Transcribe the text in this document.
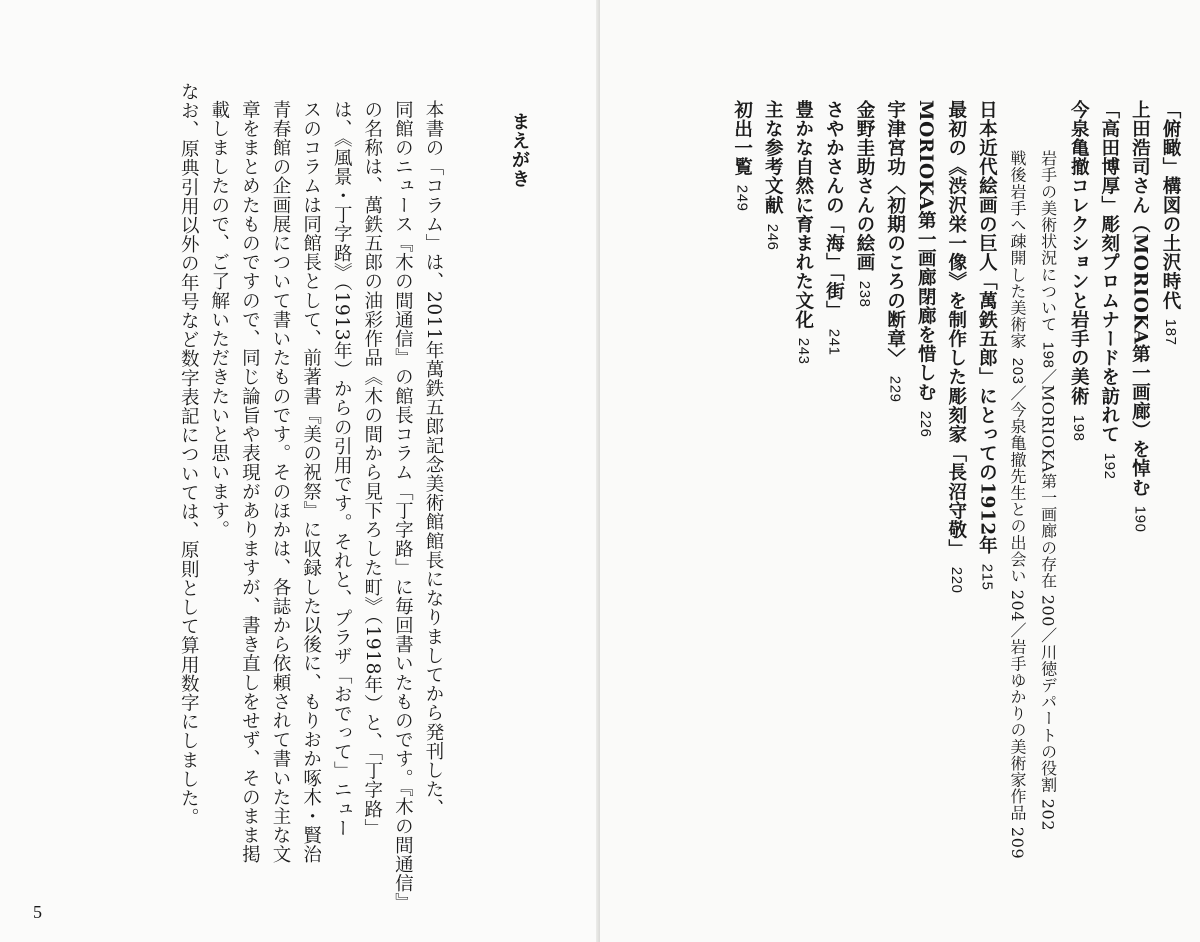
まえがき
本書の「コラム」は、2011年萬鉄五郎記念美術館館長になりましてから発刊した、
同館のニュース『木の間通信』の館長コラム「丁字路」に毎回書いたものです。『木の間通信』
の名称は、萬鉄五郎の油彩作品《木の間から見下ろした町》（1918年）と、「丁字路」
は、《風景・丁字路》（1913年）からの引用です。それと、プラザ「おでって」ニュー
スのコラムは同館長として、前著書『美の祝祭』に収録した以後に、もりおか啄木・賢治
青春館の企画展について書いたものです。そのほかは、各誌から依頼されて書いた主な文
章をまとめたものですので、同じ論旨や表現がありますが、書き直しをせず、そのまま掲
載しましたので、ご了解いただきたいと思います。
なお、原典引用以外の年号など数字表記については、原則として算用数字にしました。
5
「俯瞰」構図の土沢時代 187
上田浩司さん（MORIOKA第一画廊）を悼む 190
「高田博厚」彫刻プロムナードを訪れて 192
今泉亀撤コレクションと岩手の美術 198
岩手の美術状況について 198／MORIOKA第一画廊の存在 200／川徳デパートの役割 202
戦後岩手へ疎開した美術家 203／今泉亀撤先生との出会い 204／岩手ゆかりの美術家作品 209
日本近代絵画の巨人「萬鉄五郎」にとっての1912年 215
最初の《渋沢栄一像》を制作した彫刻家「長沼守敬」 220
MORIOKA第一画廊閉廊を惜しむ 226
宇津宮功〈初期のころの断章〉 229
金野圭助さんの絵画 238
さやかさんの「海」「街」 241
豊かな自然に育まれた文化 243
主な参考文献 246
初出一覧 249
